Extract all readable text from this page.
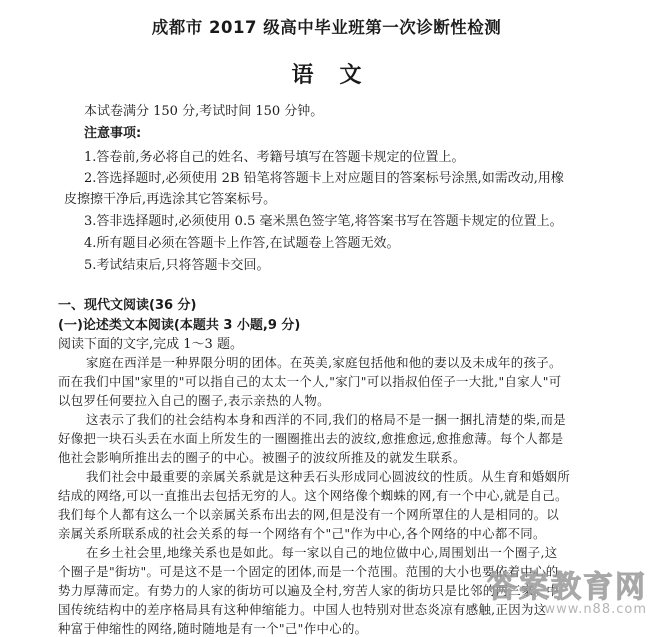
成都市 2017 级高中毕业班第一次诊断性检测
语文
本试卷满分 150 分,考试时间 150 分钟。
注意事项:
1.答卷前,务必将自己的姓名、考籍号填写在答题卡规定的位置上。
2.答选择题时,必须使用 2B 铅笔将答题卡上对应题目的答案标号涂黑,如需改动,用橡
皮擦擦干净后,再选涂其它答案标号。
3.答非选择题时,必须使用 0.5 毫米黑色签字笔,将答案书写在答题卡规定的位置上。
4.所有题目必须在答题卡上作答,在试题卷上答题无效。
5.考试结束后,只将答题卡交回。
一、现代文阅读(36 分)
(一)论述类文本阅读(本题共 3 小题,9 分)
阅读下面的文字,完成 1～3 题。
家庭在西洋是一种界限分明的团体。在英美,家庭包括他和他的妻以及未成年的孩子。
而在我们中国"家里的"可以指自己的太太一个人,"家门"可以指叔伯侄子一大批,"自家人"可
以包罗任何要拉入自己的圈子,表示亲热的人物。
这表示了我们的社会结构本身和西洋的不同,我们的格局不是一捆一捆扎清楚的柴,而是
好像把一块石头丢在水面上所发生的一圈圈推出去的波纹,愈推愈远,愈推愈薄。每个人都是
他社会影响所推出去的圈子的中心。被圈子的波纹所推及的就发生联系。
我们社会中最重要的亲属关系就是这种丢石头形成同心圆波纹的性质。从生育和婚姻所
结成的网络,可以一直推出去包括无穷的人。这个网络像个蜘蛛的网,有一个中心,就是自己。
我们每个人都有这么一个以亲属关系布出去的网,但是没有一个网所罩住的人是相同的。以
亲属关系所联系成的社会关系的每一个网络有个"己"作为中心,各个网络的中心都不同。
在乡土社会里,地缘关系也是如此。每一家以自己的地位做中心,周围划出一个圈子,这
个圈子是"街坊"。可是这不是一个固定的团体,而是一个范围。范围的大小也要依着中心的
势力厚薄而定。有势力的人家的街坊可以遍及全村,穷苦人家的街坊只是比邻的两三家。中
国传统结构中的差序格局具有这种伸缩能力。中国人也特别对世态炎凉有感触,正因为这
种富于伸缩性的网络,随时随地是有一个"己"作中心的。
答案教育网
www.n88.com
